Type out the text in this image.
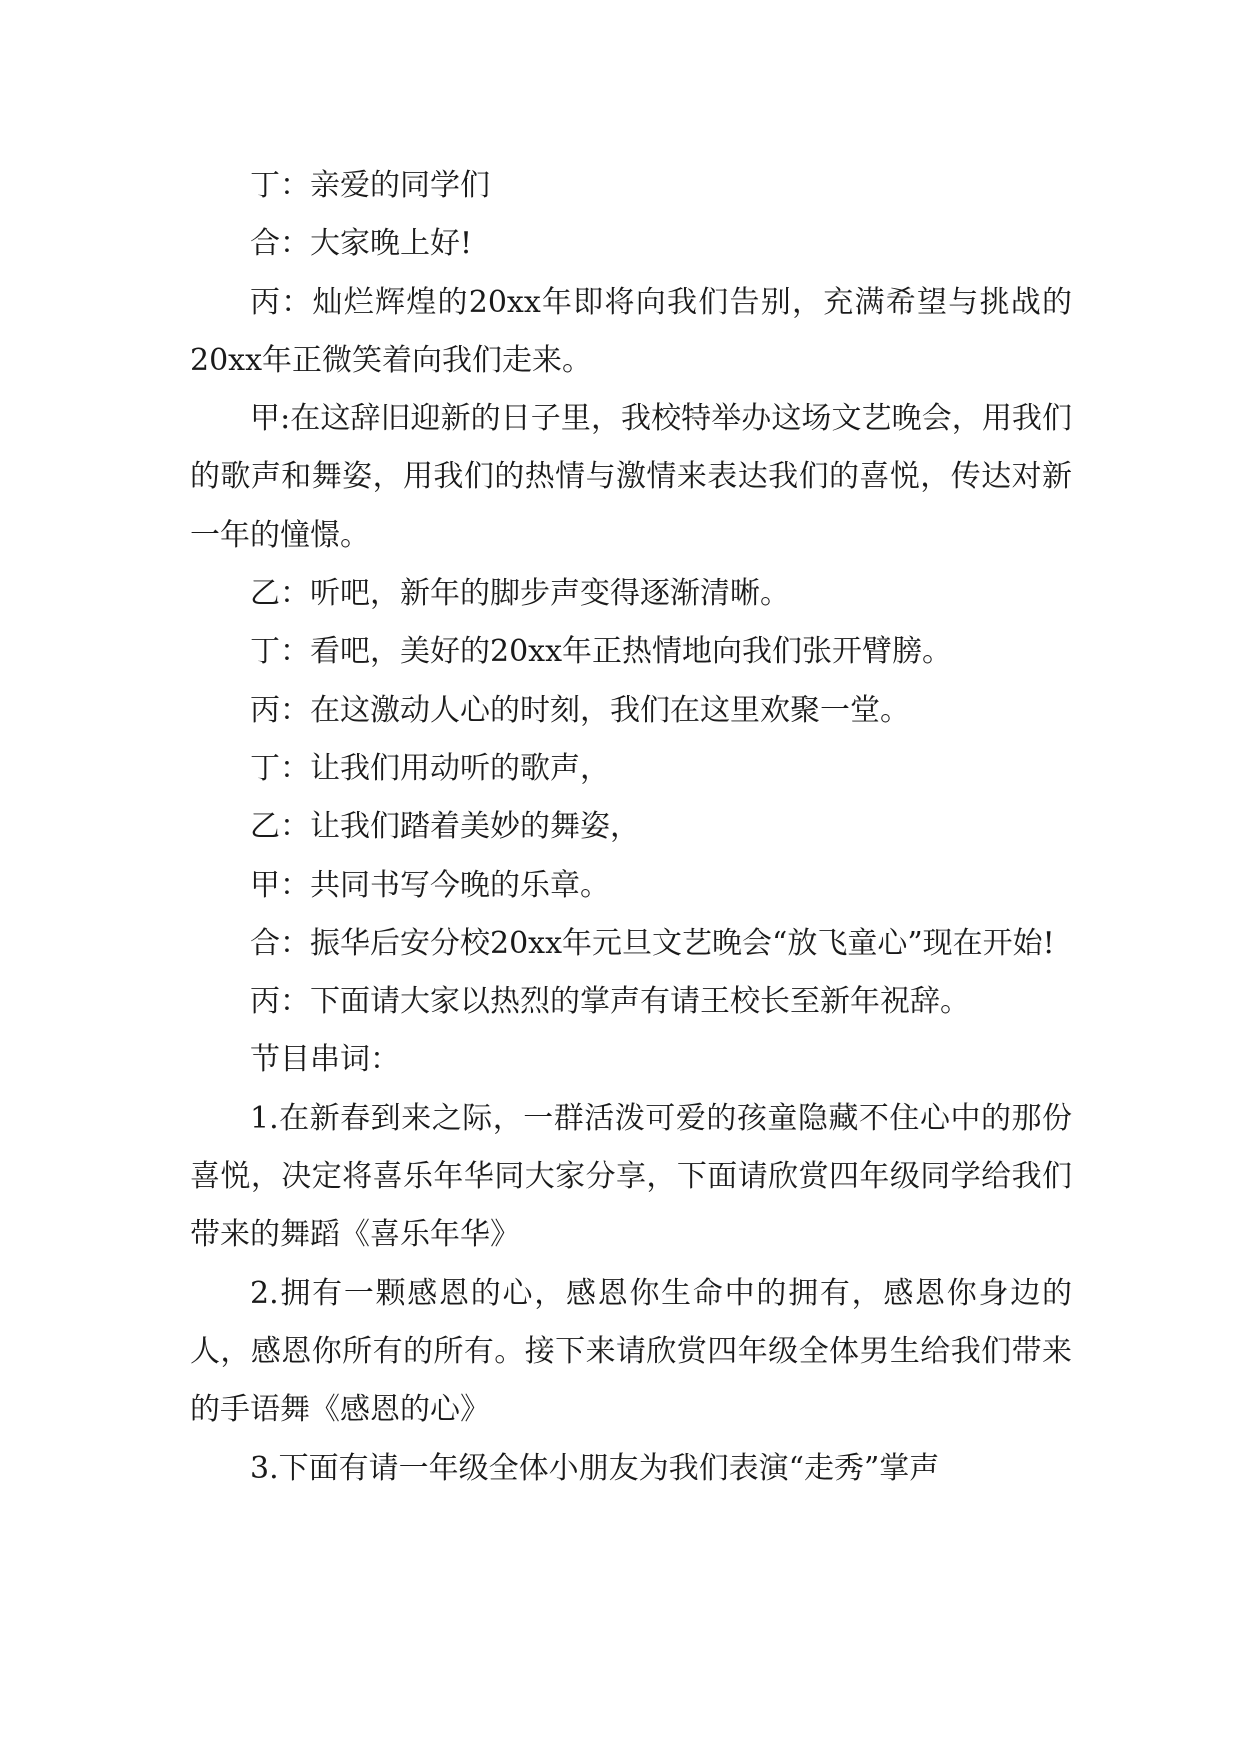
丁：亲爱的同学们

合：大家晚上好!

丙：灿烂辉煌的20xx年即将向我们告别，充满希望与挑战的20xx年正微笑着向我们走来。

甲:在这辞旧迎新的日子里，我校特举办这场文艺晚会，用我们的歌声和舞姿，用我们的热情与激情来表达我们的喜悦，传达对新一年的憧憬。

乙：听吧，新年的脚步声变得逐渐清晰。

丁：看吧，美好的20xx年正热情地向我们张开臂膀。

丙：在这激动人心的时刻，我们在这里欢聚一堂。

丁：让我们用动听的歌声，

乙：让我们踏着美妙的舞姿，

甲：共同书写今晚的乐章。

合：振华后安分校20xx年元旦文艺晚会“放飞童心”现在开始!

丙：下面请大家以热烈的掌声有请王校长至新年祝辞。

节目串词：

1.在新春到来之际，一群活泼可爱的孩童隐藏不住心中的那份喜悦，决定将喜乐年华同大家分享，下面请欣赏四年级同学给我们带来的舞蹈《喜乐年华》

2.拥有一颗感恩的心，感恩你生命中的拥有，感恩你身边的人，感恩你所有的所有。接下来请欣赏四年级全体男生给我们带来的手语舞《感恩的心》

3.下面有请一年级全体小朋友为我们表演“走秀”掌声
